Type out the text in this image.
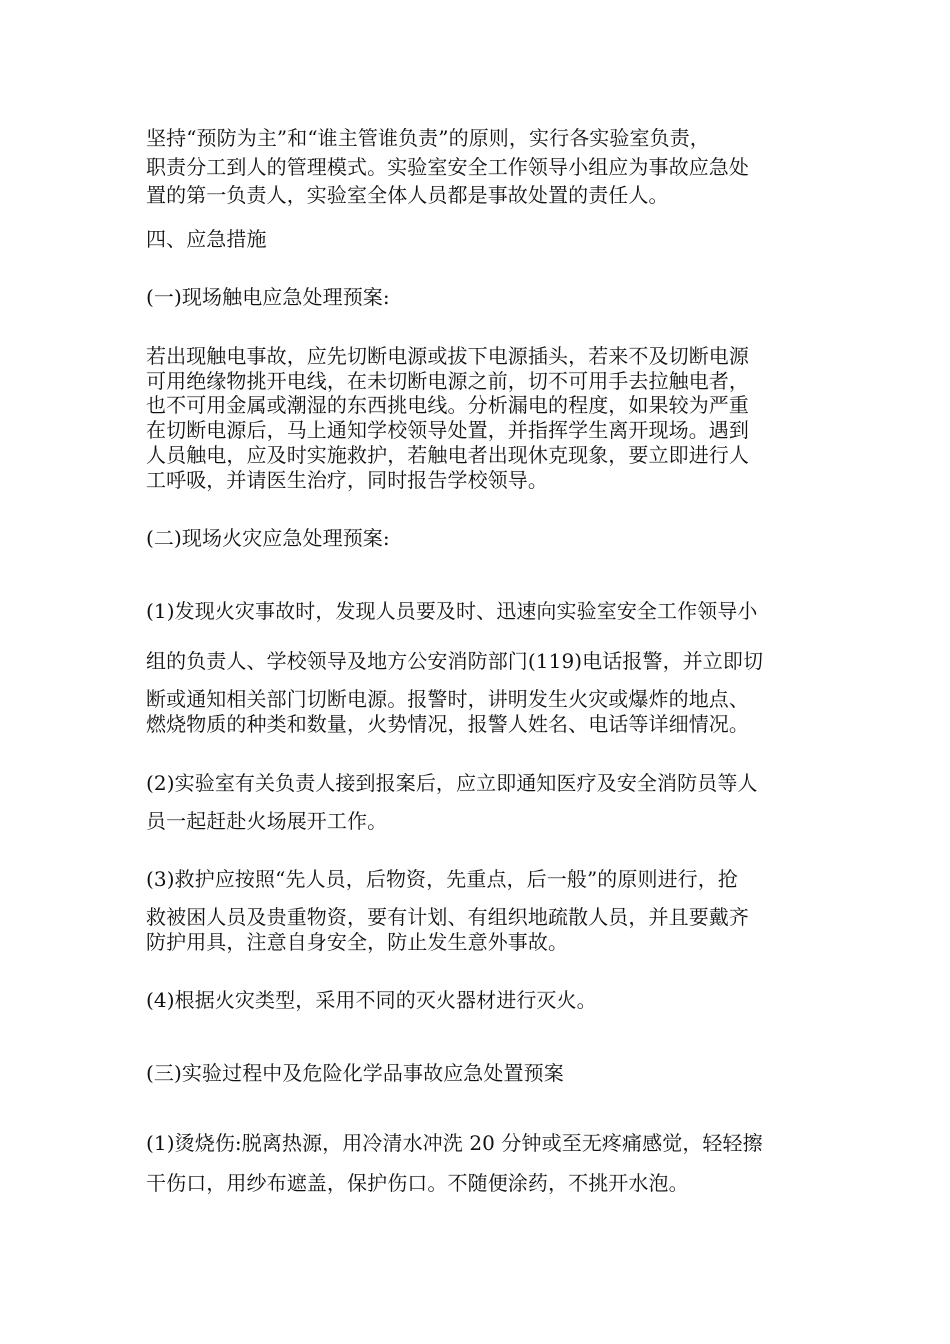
坚持“预防为主”和“谁主管谁负责”的原则，实行各实验室负责，
职责分工到人的管理模式。实验室安全工作领导小组应为事故应急处
置的第一负责人，实验室全体人员都是事故处置的责任人。
四、应急措施
(一)现场触电应急处理预案:
若出现触电事故，应先切断电源或拔下电源插头，若来不及切断电源
可用绝缘物挑开电线，在未切断电源之前，切不可用手去拉触电者，
也不可用金属或潮湿的东西挑电线。分析漏电的程度，如果较为严重
在切断电源后，马上通知学校领导处置，并指挥学生离开现场。遇到
人员触电，应及时实施救护，若触电者出现休克现象，要立即进行人
工呼吸，并请医生治疗，同时报告学校领导。
(二)现场火灾应急处理预案:
(1)发现火灾事故时，发现人员要及时、迅速向实验室安全工作领导小
组的负责人、学校领导及地方公安消防部门(119)电话报警，并立即切
断或通知相关部门切断电源。报警时，讲明发生火灾或爆炸的地点、
燃烧物质的种类和数量，火势情况，报警人姓名、电话等详细情况。
(2)实验室有关负责人接到报案后，应立即通知医疗及安全消防员等人
员一起赶赴火场展开工作。
(3)救护应按照“先人员，后物资，先重点，后一般”的原则进行，抢
救被困人员及贵重物资，要有计划、有组织地疏散人员，并且要戴齐
防护用具，注意自身安全，防止发生意外事故。
(4)根据火灾类型，采用不同的灭火器材进行灭火。
(三)实验过程中及危险化学品事故应急处置预案
(1)烫烧伤:脱离热源，用冷清水冲洗 20 分钟或至无疼痛感觉，轻轻擦
干伤口，用纱布遮盖，保护伤口。不随便涂药，不挑开水泡。
